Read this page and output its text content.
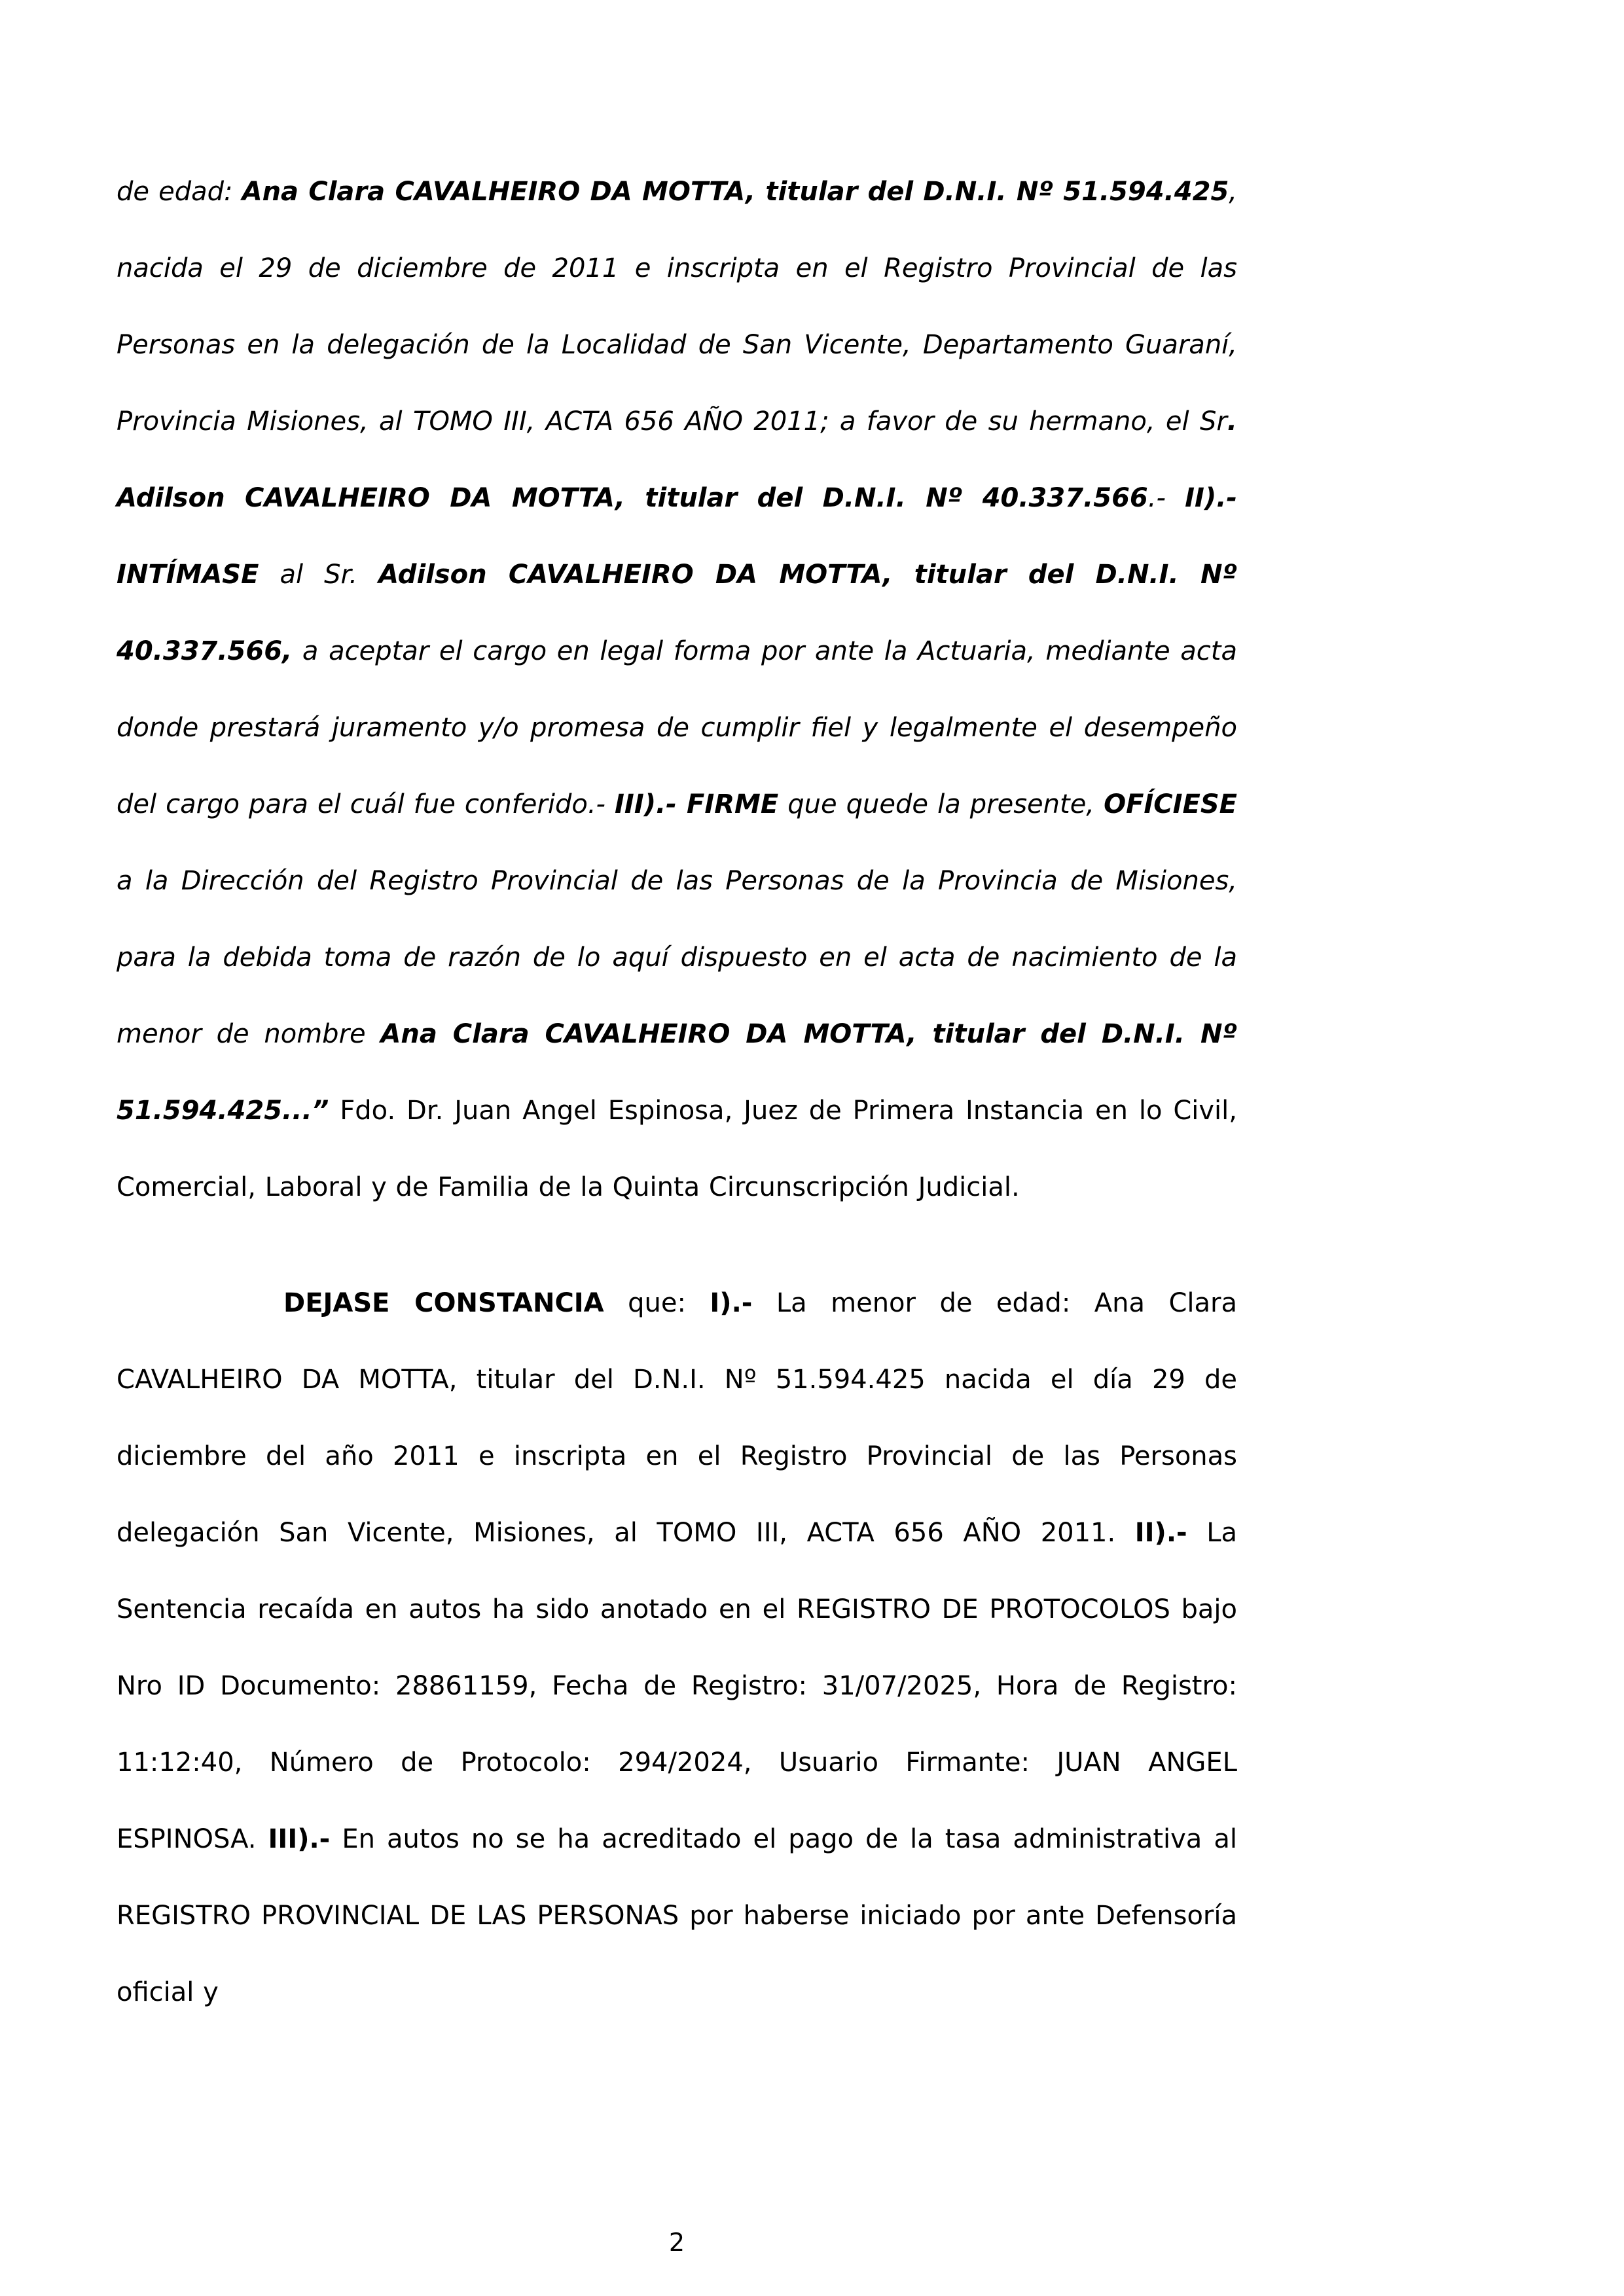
de edad: Ana Clara CAVALHEIRO DA MOTTA, titular del D.N.I. Nº 51.594.425, nacida el 29 de diciembre de 2011 e inscripta en el Registro Provincial de las Personas en la delegación de la Localidad de San Vicente, Departamento Guaraní, Provincia Misiones, al TOMO III, ACTA 656 AÑO 2011; a favor de su hermano, el Sr. Adilson CAVALHEIRO DA MOTTA, titular del D.N.I. Nº 40.337.566.- II).- INTÍMASE al Sr. Adilson CAVALHEIRO DA MOTTA, titular del D.N.I. Nº 40.337.566, a aceptar el cargo en legal forma por ante la Actuaria, mediante acta donde prestará juramento y/o promesa de cumplir fiel y legalmente el desempeño del cargo para el cuál fue conferido.- III).- FIRME que quede la presente, OFÍCIESE a la Dirección del Registro Provincial de las Personas de la Provincia de Misiones, para la debida toma de razón de lo aquí dispuesto en el acta de nacimiento de la menor de nombre Ana Clara CAVALHEIRO DA MOTTA, titular del D.N.I. Nº 51.594.425...” Fdo. Dr. Juan Angel Espinosa, Juez de Primera Instancia en lo Civil, Comercial, Laboral y de Familia de la Quinta Circunscripción Judicial.

DEJASE CONSTANCIA que: I).- La menor de edad: Ana Clara CAVALHEIRO DA MOTTA, titular del D.N.I. Nº 51.594.425 nacida el día 29 de diciembre del año 2011 e inscripta en el Registro Provincial de las Personas delegación San Vicente, Misiones, al TOMO III, ACTA 656 AÑO 2011. II).- La Sentencia recaída en autos ha sido anotado en el REGISTRO DE PROTOCOLOS bajo Nro ID Documento: 28861159, Fecha de Registro: 31/07/2025, Hora de Registro: 11:12:40, Número de Protocolo: 294/2024, Usuario Firmante: JUAN ANGEL ESPINOSA. III).- En autos no se ha acreditado el pago de la tasa administrativa al REGISTRO PROVINCIAL DE LAS PERSONAS por haberse iniciado por ante Defensoría oficial y

2
